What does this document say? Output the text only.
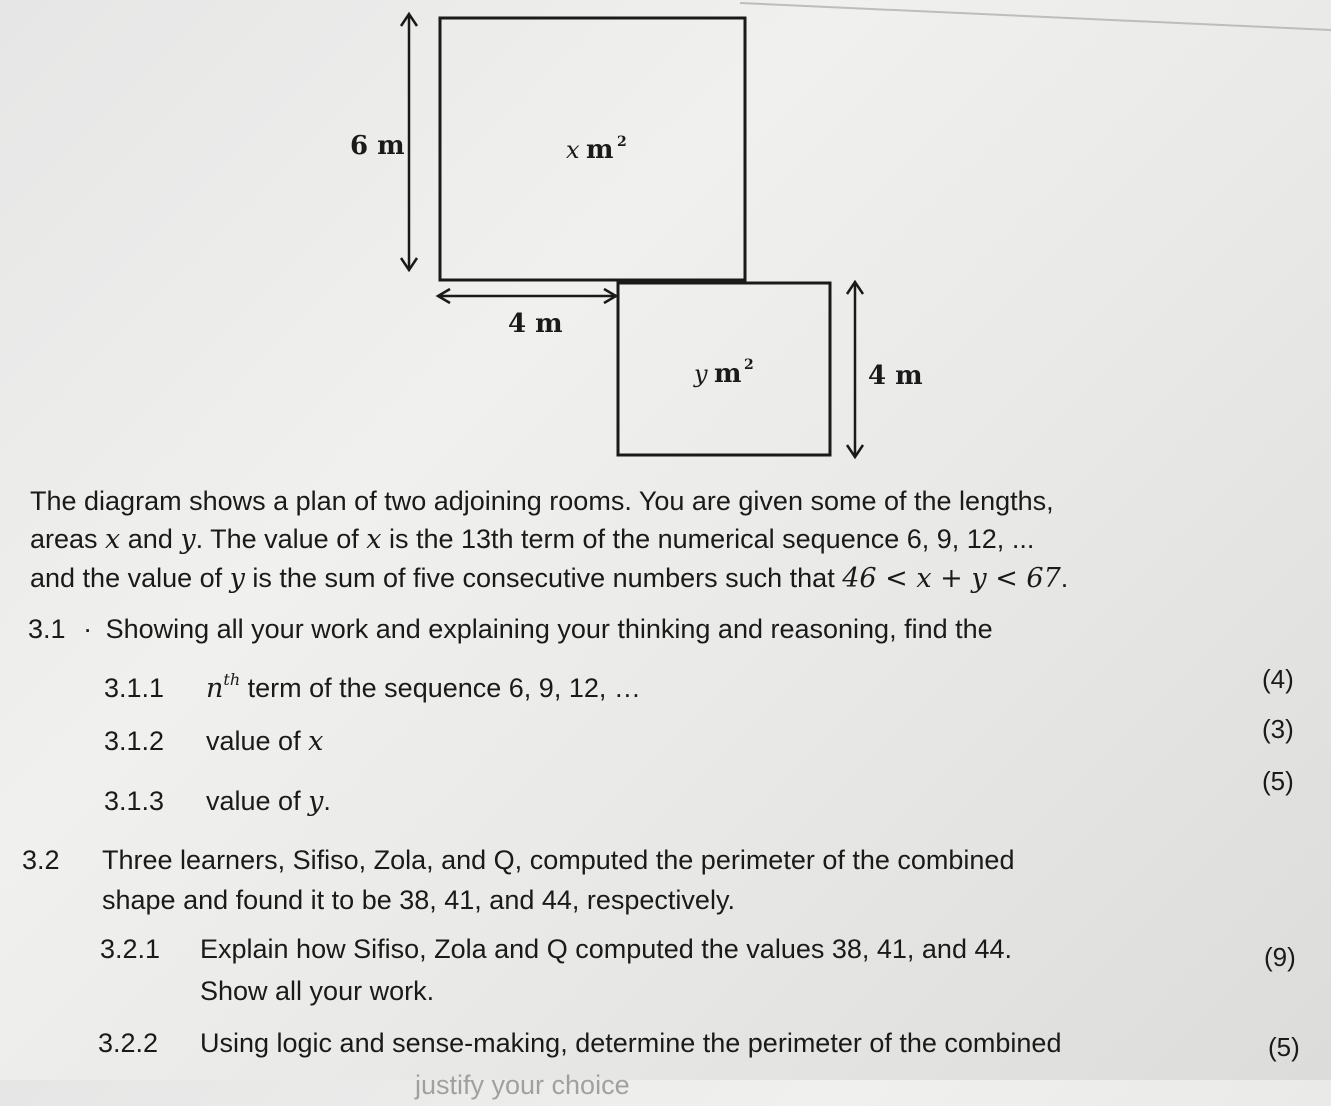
6 m	x m 2
4 m
y m 2	4 m
The diagram shows a plan of two adjoining rooms. You are given some of the lengths,
areas x and y. The value of x is the 13th term of the numerical sequence 6, 9, 12, ...
and the value of y is the sum of five consecutive numbers such that 46 < x + y < 67.
3.1 · Showing all your work and explaining your thinking and reasoning, find the
3.1.1 $n^{th}$ term of the sequence 6, 9, 12, …	(4)
3.1.2 value of x	(3)
3.1.3 value of y.
(5)
3.2 Three learners, Sifiso, Zola, and Q, computed the perimeter of the combined
shape and found it to be 38, 41, and 44, respectively.
3.2.1 Explain how Sifiso, Zola and Q computed the values 38, 41, and 44.
Show all your work.
(9)
3.2.2 Using logic and sense-making, determine the perimeter of the combined
justify your choice
(5)
